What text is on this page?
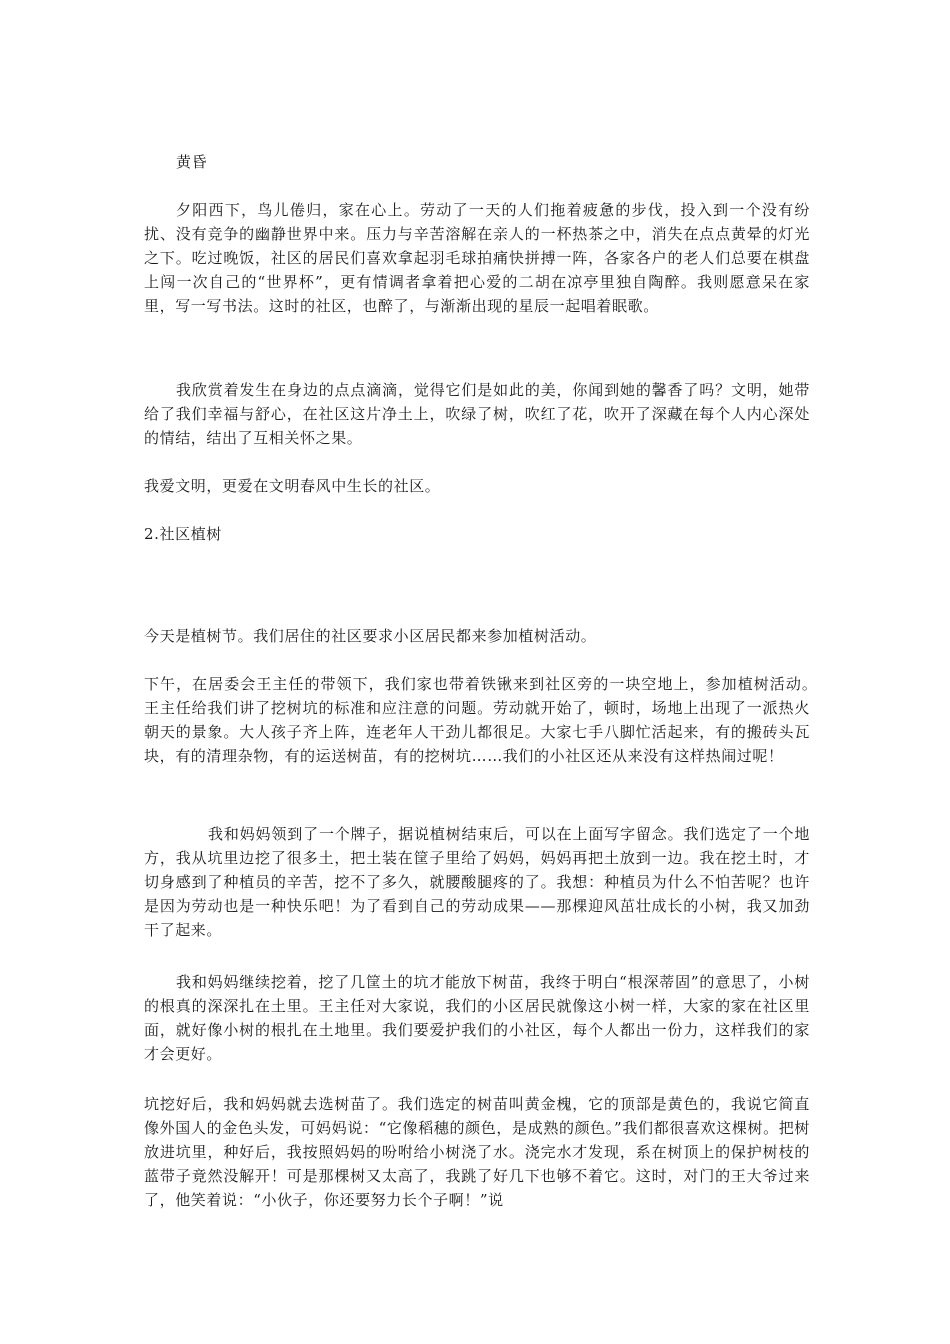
黄昏

夕阳西下，鸟儿倦归，家在心上。劳动了一天的人们拖着疲惫的步伐，投入到一个没有纷扰、没有竞争的幽静世界中来。压力与辛苦溶解在亲人的一杯热茶之中，消失在点点黄晕的灯光之下。吃过晚饭，社区的居民们喜欢拿起羽毛球拍痛快拼搏一阵，各家各户的老人们总要在棋盘上闯一次自己的“世界杯”，更有情调者拿着把心爱的二胡在凉亭里独自陶醉。我则愿意呆在家里，写一写书法。这时的社区，也醉了，与渐渐出现的星辰一起唱着眠歌。

我欣赏着发生在身边的点点滴滴，觉得它们是如此的美，你闻到她的馨香了吗？文明，她带给了我们幸福与舒心，在社区这片净土上，吹绿了树，吹红了花，吹开了深藏在每个人内心深处的情结，结出了互相关怀之果。

我爱文明，更爱在文明春风中生长的社区。

2.社区植树

今天是植树节。我们居住的社区要求小区居民都来参加植树活动。

下午，在居委会王主任的带领下，我们家也带着铁锹来到社区旁的一块空地上，参加植树活动。　王主任给我们讲了挖树坑的标准和应注意的问题。劳动就开始了，顿时，场地上出现了一派热火朝天的景象。大人孩子齐上阵，连老年人干劲儿都很足。大家七手八脚忙活起来，有的搬砖头瓦块，有的清理杂物，有的运送树苗，有的挖树坑……我们的小社区还从来没有这样热闹过呢！

我和妈妈领到了一个牌子，据说植树结束后，可以在上面写字留念。我们选定了一个地方，我从坑里边挖了很多土，把土装在筐子里给了妈妈，妈妈再把土放到一边。我在挖土时，才切身感到了种植员的辛苦，挖不了多久，就腰酸腿疼的了。我想：种植员为什么不怕苦呢？也许是因为劳动也是一种快乐吧！为了看到自己的劳动成果——那棵迎风茁壮成长的小树，我又加劲干了起来。

我和妈妈继续挖着，挖了几筐土的坑才能放下树苗，我终于明白“根深蒂固”的意思了，小树的根真的深深扎在土里。王主任对大家说，我们的小区居民就像这小树一样，大家的家在社区里面，就好像小树的根扎在土地里。我们要爱护我们的小社区，每个人都出一份力，这样我们的家才会更好。

坑挖好后，我和妈妈就去选树苗了。我们选定的树苗叫黄金槐，它的顶部是黄色的，我说它简直像外国人的金色头发，可妈妈说：“它像稻穗的颜色，是成熟的颜色。”我们都很喜欢这棵树。把树放进坑里，种好后，我按照妈妈的吩咐给小树浇了水。浇完水才发现，系在树顶上的保护树枝的蓝带子竟然没解开！可是那棵树又太高了，我跳了好几下也够不着它。这时，对门的王大爷过来了，他笑着说：“小伙子，你还要努力长个子啊！”说
